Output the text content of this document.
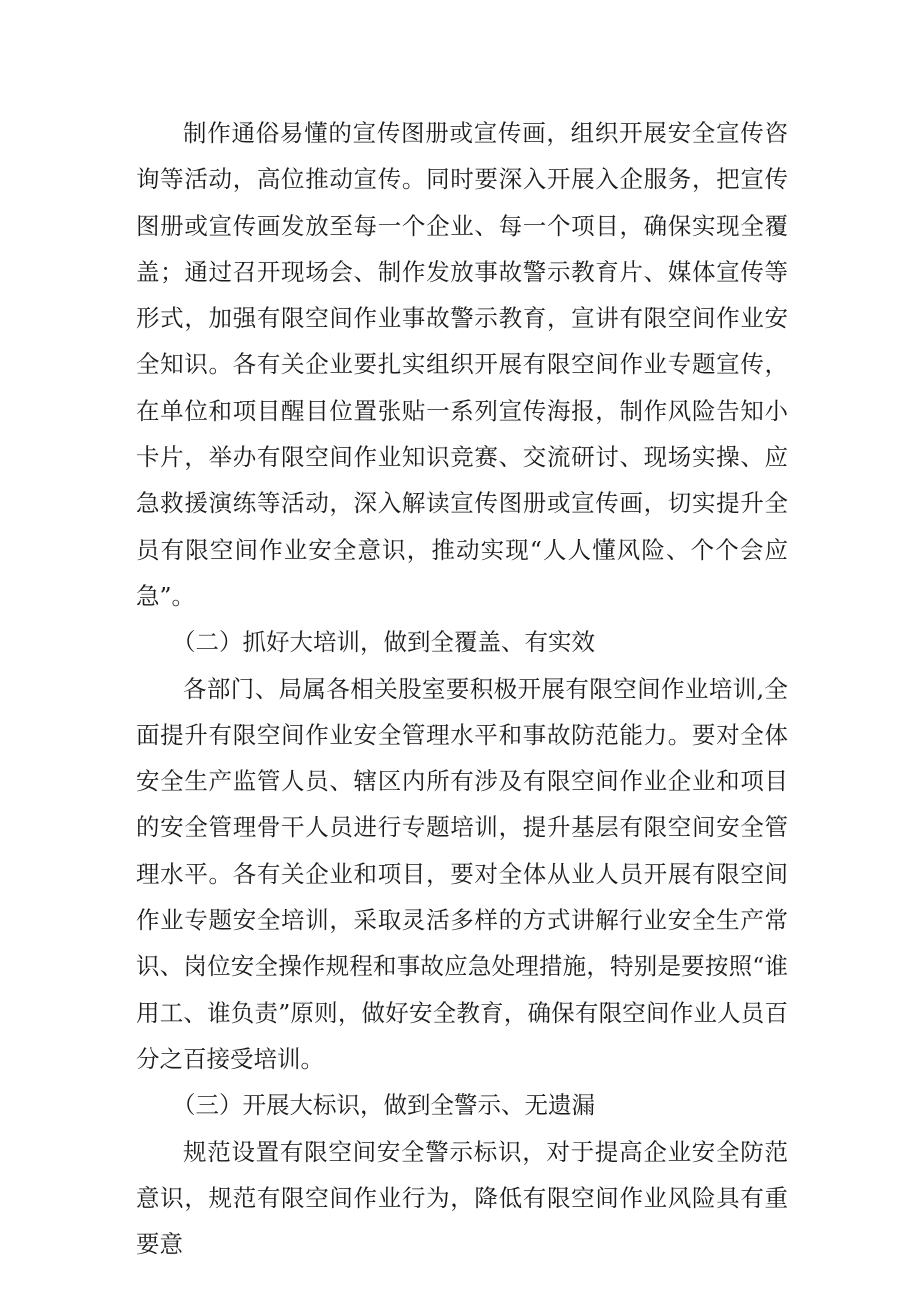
制作通俗易懂的宣传图册或宣传画，组织开展安全宣传咨询等活动，高位推动宣传。同时要深入开展入企服务，把宣传图册或宣传画发放至每一个企业、每一个项目，确保实现全覆盖；通过召开现场会、制作发放事故警示教育片、媒体宣传等形式，加强有限空间作业事故警示教育，宣讲有限空间作业安全知识。各有关企业要扎实组织开展有限空间作业专题宣传，在单位和项目醒目位置张贴一系列宣传海报，制作风险告知小卡片，举办有限空间作业知识竞赛、交流研讨、现场实操、应急救援演练等活动，深入解读宣传图册或宣传画，切实提升全员有限空间作业安全意识，推动实现“人人懂风险、个个会应急”。

（二）抓好大培训，做到全覆盖、有实效

各部门、局属各相关股室要积极开展有限空间作业培训,全面提升有限空间作业安全管理水平和事故防范能力。要对全体安全生产监管人员、辖区内所有涉及有限空间作业企业和项目的安全管理骨干人员进行专题培训，提升基层有限空间安全管理水平。各有关企业和项目，要对全体从业人员开展有限空间作业专题安全培训，采取灵活多样的方式讲解行业安全生产常识、岗位安全操作规程和事故应急处理措施，特别是要按照“谁用工、谁负责”原则，做好安全教育，确保有限空间作业人员百分之百接受培训。

（三）开展大标识，做到全警示、无遗漏

规范设置有限空间安全警示标识，对于提高企业安全防范意识，规范有限空间作业行为，降低有限空间作业风险具有重要意
